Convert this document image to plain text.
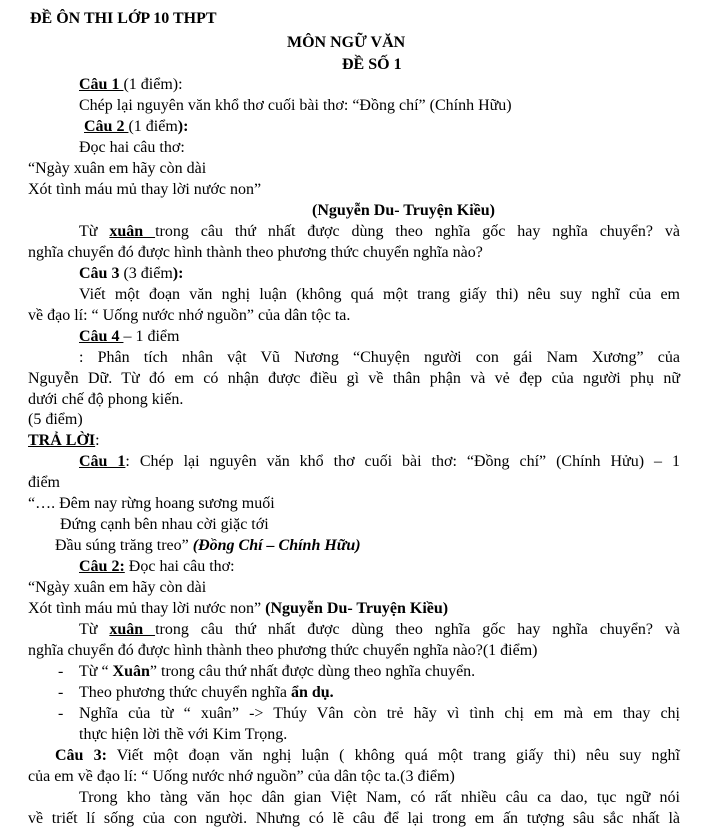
ĐỀ ÔN THI LỚP 10 THPT
MÔN NGỮ VĂN
ĐỀ SỐ 1
Câu 1 (1 điểm):
Chép lại nguyên văn khổ thơ cuối bài thơ: “Đồng chí” (Chính Hữu)
Câu 2 (1 điểm):
Đọc hai câu thơ:
“Ngày xuân em hãy còn dài
Xót tình máu mủ thay lời nước non”
(Nguyễn Du- Truyện Kiều)
Từ xuân trong câu thứ nhất được dùng theo nghĩa gốc hay nghĩa chuyển? và
nghĩa chuyển đó được hình thành theo phương thức chuyển nghĩa nào?
Câu 3 (3 điểm):
Viết một đoạn văn nghị luận (không quá một trang giấy thi) nêu suy nghĩ của em
về đạo lí: “ Uống nước nhớ nguồn” của dân tộc ta.
Câu 4 – 1 điểm
: Phân tích nhân vật Vũ Nương “Chuyện người con gái Nam Xương” của
Nguyễn Dữ. Từ đó em có nhận được điều gì về thân phận và vẻ đẹp của người phụ nữ
dưới chế độ phong kiến.
(5 điểm)
TRẢ LỜI:
Câu 1: Chép lại nguyên văn khổ thơ cuối bài thơ: “Đồng chí” (Chính Hửu) – 1
điểm
“…. Đêm nay rừng hoang sương muối
Đứng cạnh bên nhau cời giặc tới
Đầu súng trăng treo” (Đồng Chí – Chính Hữu)
Câu 2: Đọc hai câu thơ:
“Ngày xuân em hãy còn dài
Xót tình máu mủ thay lời nước non” (Nguyễn Du- Truyện Kiều)
Từ xuân trong câu thứ nhất được dùng theo nghĩa gốc hay nghĩa chuyển? và
nghĩa chuyển đó được hình thành theo phương thức chuyển nghĩa nào?(1 điểm)
- Từ “ Xuân” trong câu thứ nhất được dùng theo nghĩa chuyển.
- Theo phương thức chuyển nghĩa ẩn dụ.
- Nghĩa của từ “ xuân” -> Thúy Vân còn trẻ hãy vì tình chị em mà em thay chị
thực hiện lời thề với Kim Trọng.
Câu 3: Viết một đoạn văn nghị luận ( không quá một trang giấy thi) nêu suy nghĩ
của em về đạo lí: “ Uống nước nhớ nguồn” của dân tộc ta.(3 điểm)
Trong kho tàng văn học dân gian Việt Nam, có rất nhiều câu ca dao, tục ngữ nói
về triết lí sống của con người. Nhưng có lẽ câu để lại trong em ấn tượng sâu sắc nhất là
